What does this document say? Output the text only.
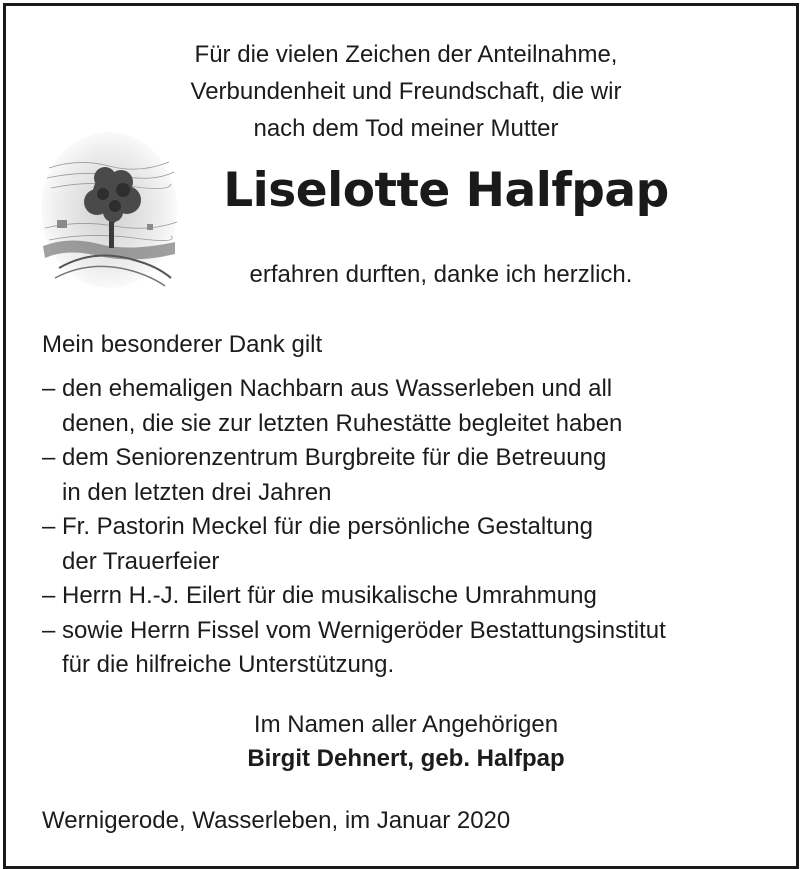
Für die vielen Zeichen der Anteilnahme,
Verbundenheit und Freundschaft, die wir
nach dem Tod meiner Mutter
Liselotte Halfpap
erfahren durften, danke ich herzlich.
Mein besonderer Dank gilt
– den ehemaligen Nachbarn aus Wasserleben und all
denen, die sie zur letzten Ruhestätte begleitet haben
– dem Seniorenzentrum Burgbreite für die Betreuung
in den letzten drei Jahren
– Fr. Pastorin Meckel für die persönliche Gestaltung
der Trauerfeier
– Herrn H.-J. Eilert für die musikalische Umrahmung
– sowie Herrn Fissel vom Wernigeröder Bestattungsinstitut
für die hilfreiche Unterstützung.
Im Namen aller Angehörigen
Birgit Dehnert, geb. Halfpap
Wernigerode, Wasserleben, im Januar 2020
